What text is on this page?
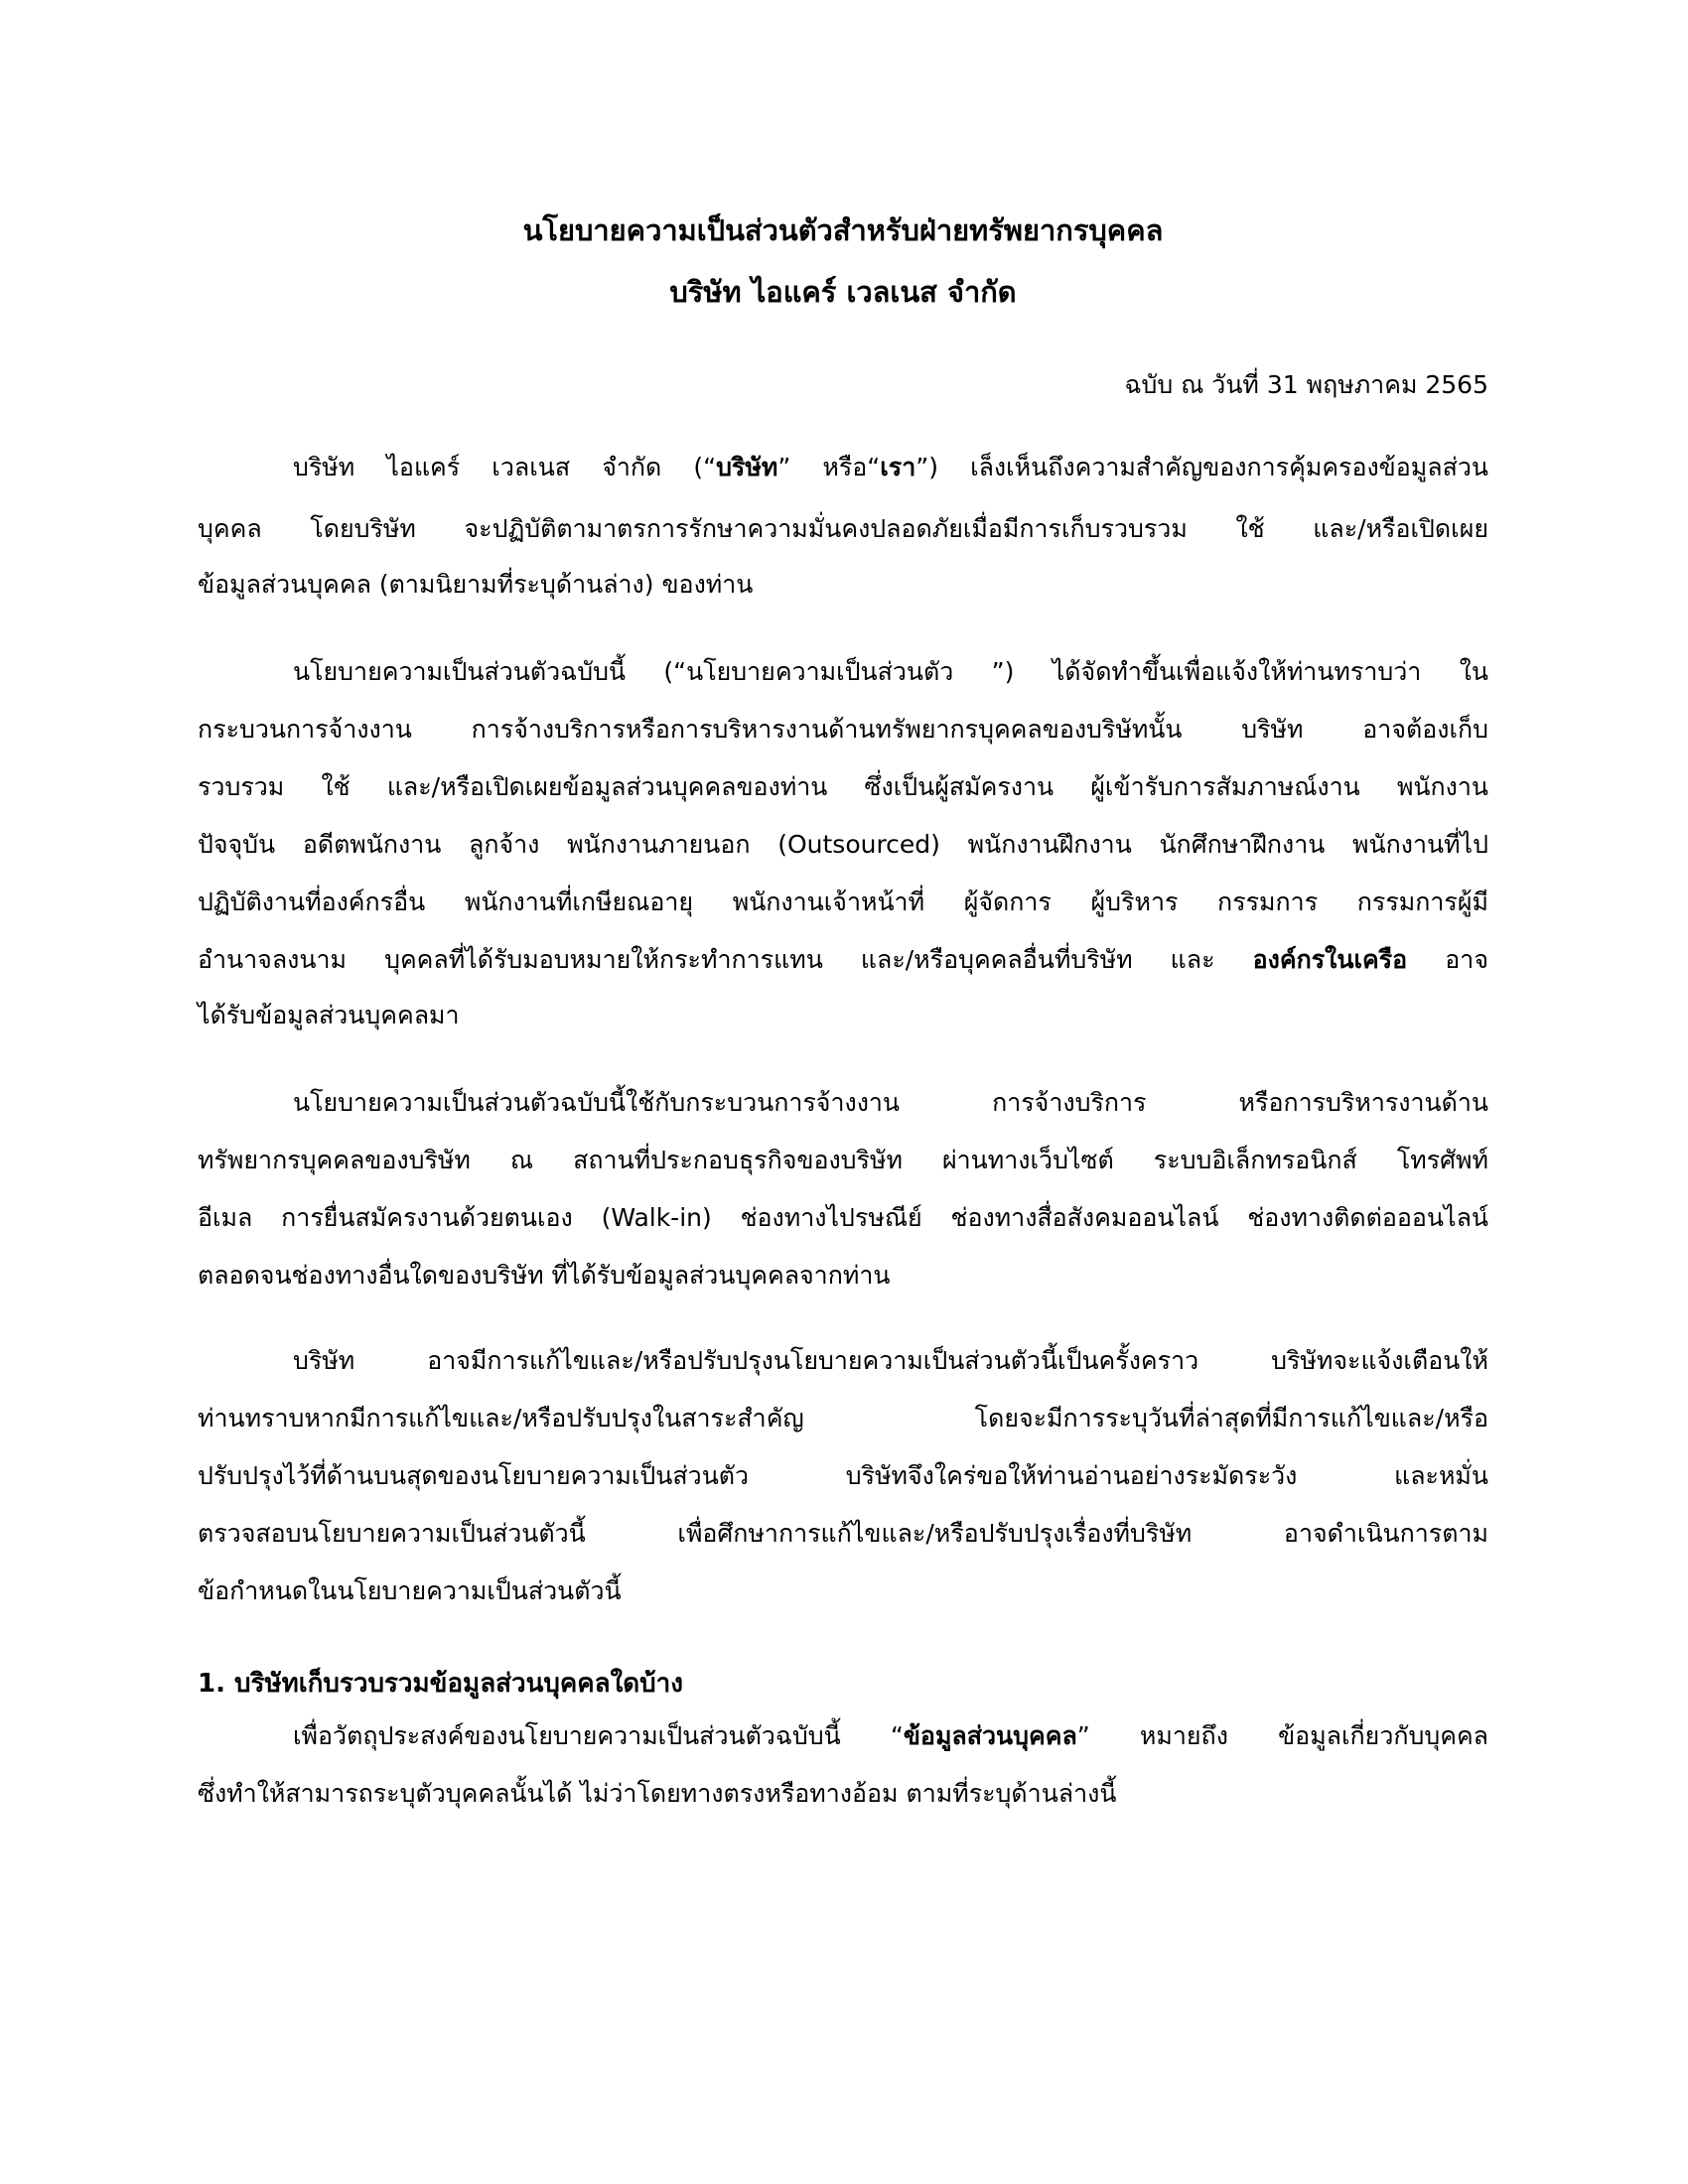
นโยบายความเป็นส่วนตัวสำหรับฝ่ายทรัพยากรบุคคล
บริษัท ไอแคร์ เวลเนส จำกัด
ฉบับ ณ วันที่ 31 พฤษภาคม 2565
บริษัท ไอแคร์ เวลเนส จำกัด (“บริษัท” หรือ“เรา”) เล็งเห็นถึงความสำคัญของการคุ้มครองข้อมูลส่วน
บุคคล โดยบริษัท จะปฏิบัติตามาตรการรักษาความมั่นคงปลอดภัยเมื่อมีการเก็บรวบรวม ใช้ และ/หรือเปิดเผย
ข้อมูลส่วนบุคคล (ตามนิยามที่ระบุด้านล่าง) ของท่าน
นโยบายความเป็นส่วนตัวฉบับนี้ (“นโยบายความเป็นส่วนตัว ”) ได้จัดทำขึ้นเพื่อแจ้งให้ท่านทราบว่า ใน
กระบวนการจ้างงาน การจ้างบริการหรือการบริหารงานด้านทรัพยากรบุคคลของบริษัทนั้น บริษัท อาจต้องเก็บ
รวบรวม ใช้ และ/หรือเปิดเผยข้อมูลส่วนบุคคลของท่าน ซึ่งเป็นผู้สมัครงาน ผู้เข้ารับการสัมภาษณ์งาน พนักงาน
ปัจจุบัน อดีตพนักงาน ลูกจ้าง พนักงานภายนอก (Outsourced) พนักงานฝึกงาน นักศึกษาฝึกงาน พนักงานที่ไป
ปฏิบัติงานที่องค์กรอื่น พนักงานที่เกษียณอายุ พนักงานเจ้าหน้าที่ ผู้จัดการ ผู้บริหาร กรรมการ กรรมการผู้มี
อำนาจลงนาม บุคคลที่ได้รับมอบหมายให้กระทำการแทน และ/หรือบุคคลอื่นที่บริษัท และ องค์กรในเครือ อาจ
ได้รับข้อมูลส่วนบุคคลมา
นโยบายความเป็นส่วนตัวฉบับนี้ใช้กับกระบวนการจ้างงาน การจ้างบริการ หรือการบริหารงานด้าน
ทรัพยากรบุคคลของบริษัท ณ สถานที่ประกอบธุรกิจของบริษัท ผ่านทางเว็บไซต์ ระบบอิเล็กทรอนิกส์ โทรศัพท์
อีเมล การยื่นสมัครงานด้วยตนเอง (Walk-in) ช่องทางไปรษณีย์ ช่องทางสื่อสังคมออนไลน์ ช่องทางติดต่อออนไลน์
ตลอดจนช่องทางอื่นใดของบริษัท ที่ได้รับข้อมูลส่วนบุคคลจากท่าน
บริษัท อาจมีการแก้ไขและ/หรือปรับปรุงนโยบายความเป็นส่วนตัวนี้เป็นครั้งคราว บริษัทจะแจ้งเตือนให้
ท่านทราบหากมีการแก้ไขและ/หรือปรับปรุงในสาระสำคัญ โดยจะมีการระบุวันที่ล่าสุดที่มีการแก้ไขและ/หรือ
ปรับปรุงไว้ที่ด้านบนสุดของนโยบายความเป็นส่วนตัว บริษัทจึงใคร่ขอให้ท่านอ่านอย่างระมัดระวัง และหมั่น
ตรวจสอบนโยบายความเป็นส่วนตัวนี้ เพื่อศึกษาการแก้ไขและ/หรือปรับปรุงเรื่องที่บริษัท อาจดำเนินการตาม
ข้อกำหนดในนโยบายความเป็นส่วนตัวนี้
1. บริษัทเก็บรวบรวมข้อมูลส่วนบุคคลใดบ้าง
เพื่อวัตถุประสงค์ของนโยบายความเป็นส่วนตัวฉบับนี้ “ข้อมูลส่วนบุคคล” หมายถึง ข้อมูลเกี่ยวกับบุคคล
ซึ่งทำให้สามารถระบุตัวบุคคลนั้นได้ ไม่ว่าโดยทางตรงหรือทางอ้อม ตามที่ระบุด้านล่างนี้
